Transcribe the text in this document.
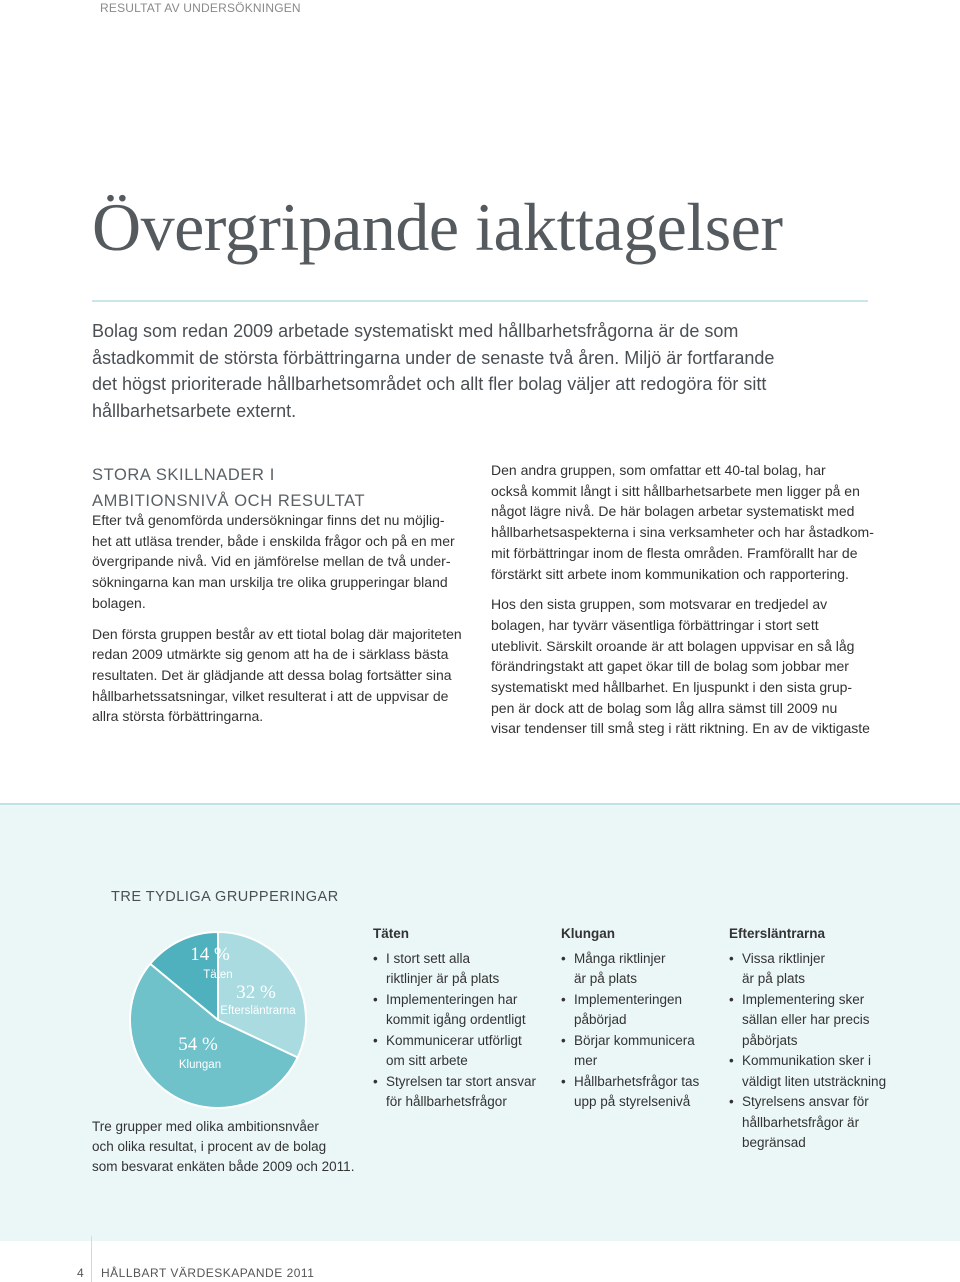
RESULTAT AV UNDERSÖKNINGEN
Övergripande iakttagelser
Bolag som redan 2009 arbetade systematiskt med hållbarhetsfrågorna är de som
åstadkommit de största förbättringarna under de senaste två åren. Miljö är fortfarande
det högst prioriterade hållbarhetsområdet och allt fler bolag väljer att redogöra för sitt
hållbarhetsarbete externt.
STORA SKILLNADER I
AMBITIONSNIVÅ OCH RESULTAT
Efter två genomförda undersökningar finns det nu möjlig-
het att utläsa trender, både i enskilda frågor och på en mer
övergripande nivå. Vid en jämförelse mellan de två under-
sökningarna kan man urskilja tre olika grupperingar bland
bolagen.
Den första gruppen består av ett tiotal bolag där majoriteten
redan 2009 utmärkte sig genom att ha de i särklass bästa
resultaten. Det är glädjande att dessa bolag fortsätter sina
hållbarhetssatsningar, vilket resulterat i att de uppvisar de
allra största förbättringarna.
Den andra gruppen, som omfattar ett 40-tal bolag, har
också kommit långt i sitt hållbarhetsarbete men ligger på en
något lägre nivå. De här bolagen arbetar systematiskt med
hållbarhetsaspekterna i sina verksamheter och har åstadkom-
mit förbättringar inom de flesta områden. Framförallt har de
förstärkt sitt arbete inom kommunikation och rapportering.
Hos den sista gruppen, som motsvarar en tredjedel av
bolagen, har tyvärr väsentliga förbättringar i stort sett
uteblivit. Särskilt oroande är att bolagen uppvisar en så låg
förändringstakt att gapet ökar till de bolag som jobbar mer
systematiskt med hållbarhet. En ljuspunkt i den sista grup-
pen är dock att de bolag som låg allra sämst till 2009 nu
visar tendenser till små steg i rätt riktning. En av de viktigaste
TRE TYDLIGA GRUPPERINGAR
14 %
Täten
32 %
Eftersläntrarna
54 %
Klungan
Tre grupper med olika ambitionsnvåer
och olika resultat, i procent av de bolag
som besvarat enkäten både 2009 och 2011.
Täten
• I stort sett alla
riktlinjer är på plats
• Implementeringen har
kommit igång ordentligt
• Kommunicerar utförligt
om sitt arbete
• Styrelsen tar stort ansvar
för hållbarhetsfrågor
Klungan
• Många riktlinjer
är på plats
• Implementeringen
påbörjad
• Börjar kommunicera
mer
• Hållbarhetsfrågor tas
upp på styrelsenivå
Eftersläntrarna
• Vissa riktlinjer
är på plats
• Implementering sker
sällan eller har precis
påbörjats
• Kommunikation sker i
väldigt liten utsträckning
• Styrelsens ansvar för
hållbarhetsfrågor är
begränsad
4 HÅLLBART VÄRDESKAPANDE 2011
